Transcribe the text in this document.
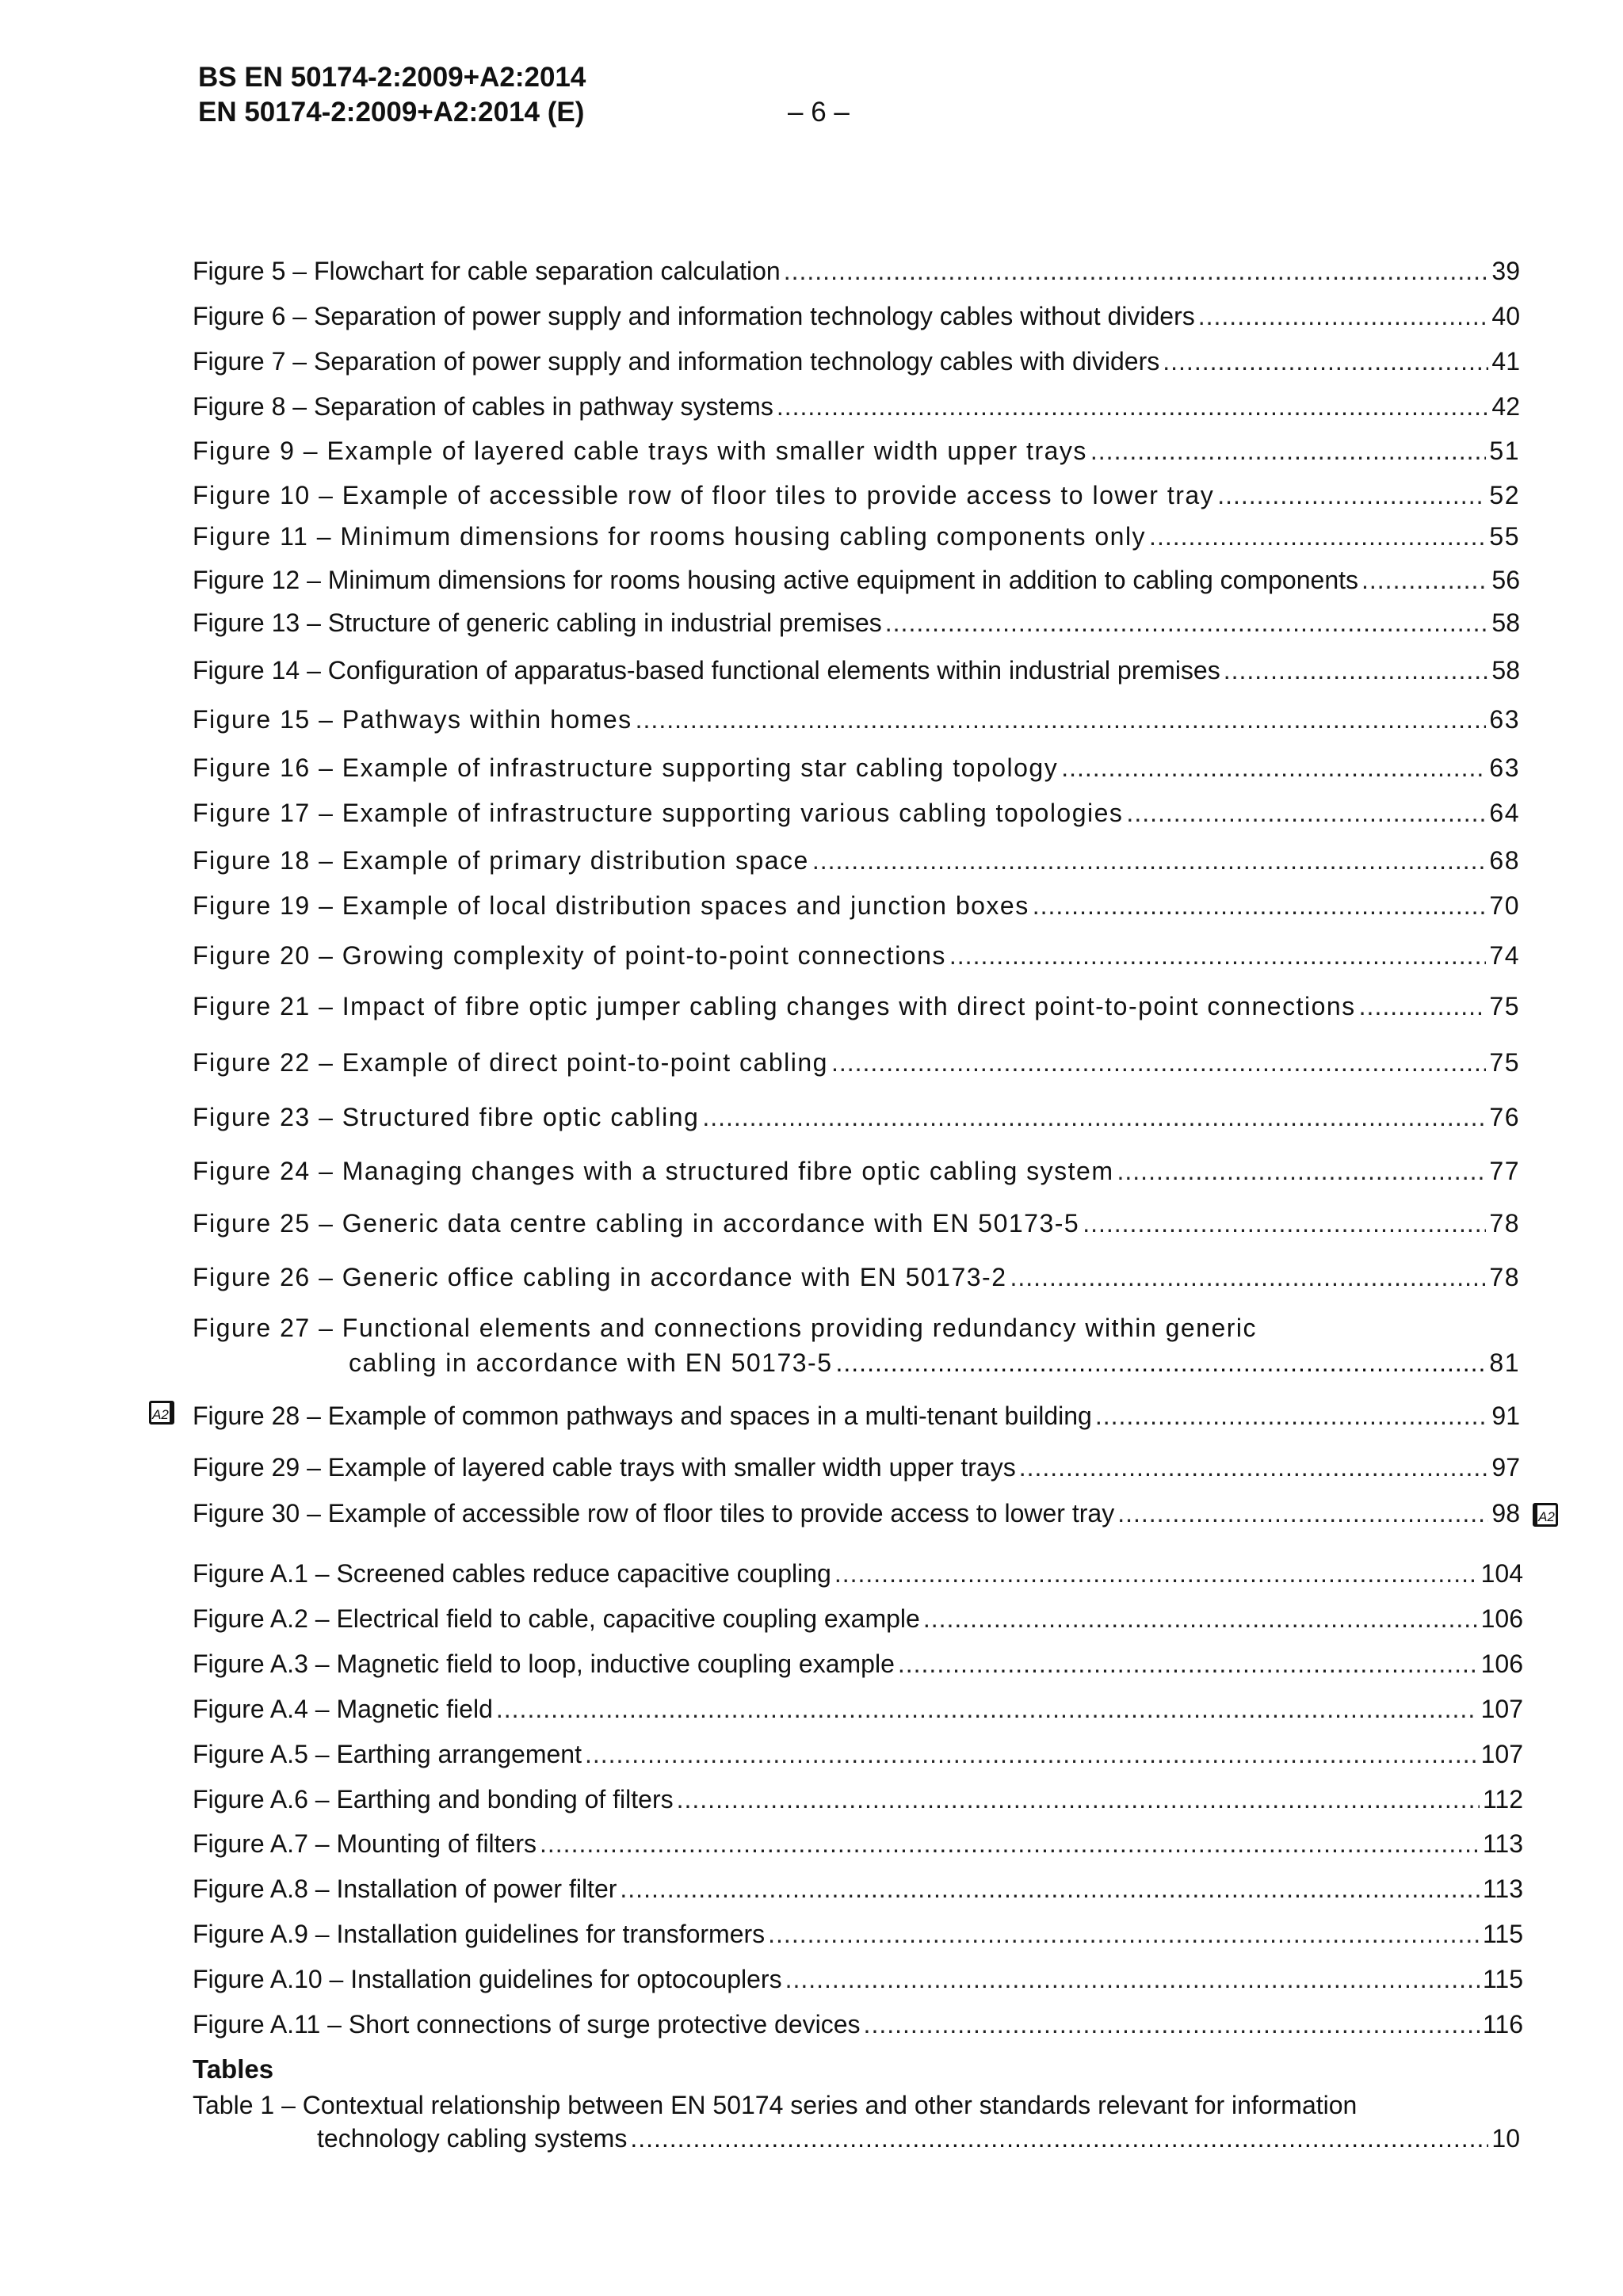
BS EN 50174-2:2009+A2:2014
EN 50174-2:2009+A2:2014 (E)	– 6 –
Figure 5 – Flowchart for cable separation calculation .....	39
Figure 6 – Separation of power supply and information technology cables without dividers .....	40
Figure 7 – Separation of power supply and information technology cables with dividers .....	41
Figure 8 – Separation of cables in pathway systems .....	42
Figure 9 – Example of layered cable trays with smaller width upper trays .....	51
Figure 10 – Example of accessible row of floor tiles to provide access to lower tray .....	52
Figure 11 – Minimum dimensions for rooms housing cabling components only .....	55
Figure 12 – Minimum dimensions for rooms housing active equipment in addition to cabling components .....	56
Figure 13 – Structure of generic cabling in industrial premises .....	58
Figure 14 – Configuration of apparatus-based functional elements within industrial premises .....	58
Figure 15 – Pathways within homes .....	63
Figure 16 – Example of infrastructure supporting star cabling topology .....	63
Figure 17 – Example of infrastructure supporting various cabling topologies .....	64
Figure 18 – Example of primary distribution space .....	68
Figure 19 – Example of local distribution spaces and junction boxes .....	70
Figure 20 – Growing complexity of point-to-point connections .....	74
Figure 21 – Impact of fibre optic jumper cabling changes with direct point-to-point connections .....	75
Figure 22 – Example of direct point-to-point cabling .....	75
Figure 23 – Structured fibre optic cabling .....	76
Figure 24 – Managing changes with a structured fibre optic cabling system .....	77
Figure 25 – Generic data centre cabling in accordance with EN 50173-5 .....	78
Figure 26 – Generic office cabling in accordance with EN 50173-2 .....	78
Figure 27 – Functional elements and connections providing redundancy within generic
cabling in accordance with EN 50173-5 .....	81
A2 Figure 28 – Example of common pathways and spaces in a multi-tenant building .....	91
Figure 29 – Example of layered cable trays with smaller width upper trays .....	97
Figure 30 – Example of accessible row of floor tiles to provide access to lower tray .....	98	A2
Figure A.1 – Screened cables reduce capacitive coupling .....	104
Figure A.2 – Electrical field to cable, capacitive coupling example .....	106
Figure A.3 – Magnetic field to loop, inductive coupling example .....	106
Figure A.4 – Magnetic field .....	107
Figure A.5 – Earthing arrangement .....	107
Figure A.6 – Earthing and bonding of filters .....	112
Figure A.7 – Mounting of filters .....	113
Figure A.8 – Installation of power filter .....	113
Figure A.9 – Installation guidelines for transformers .....	115
Figure A.10 – Installation guidelines for optocouplers .....	115
Figure A.11 – Short connections of surge protective devices .....	116
Tables
Table 1 – Contextual relationship between EN 50174 series and other standards relevant for information
technology cabling systems .....	10
